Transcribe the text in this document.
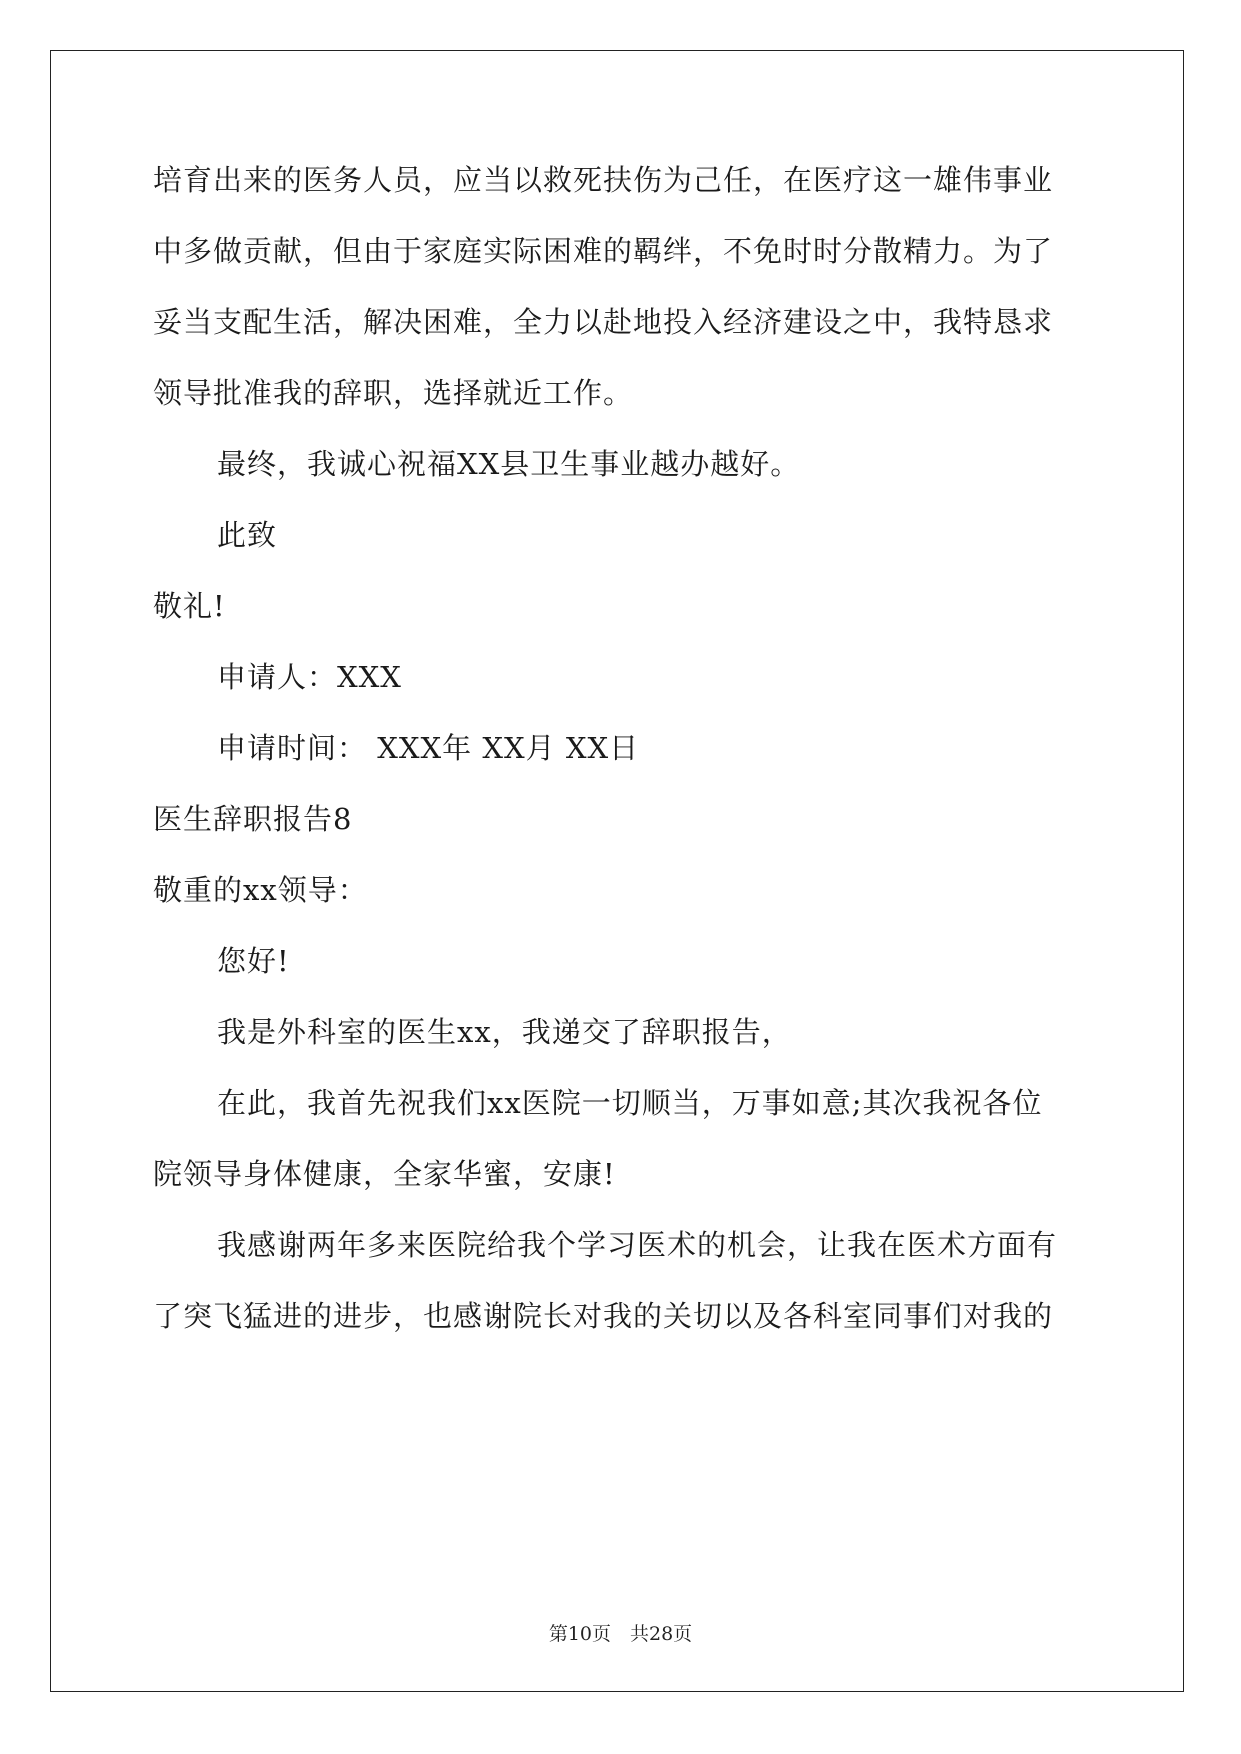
培育出来的医务人员，应当以救死扶伤为己任，在医疗这一雄伟事业
中多做贡献，但由于家庭实际困难的羁绊，不免时时分散精力。为了
妥当支配生活，解决困难，全力以赴地投入经济建设之中，我特恳求
领导批准我的辞职，选择就近工作。
最终，我诚心祝福XX县卫生事业越办越好。
此致
敬礼!
申请人：XXX
申请时间： XXX年 XX月 XX日
医生辞职报告8
敬重的xx领导：
您好!
我是外科室的医生xx，我递交了辞职报告，
在此，我首先祝我们xx医院一切顺当，万事如意;其次我祝各位
院领导身体健康，全家华蜜，安康!
我感谢两年多来医院给我个学习医术的机会，让我在医术方面有
了突飞猛进的进步，也感谢院长对我的关切以及各科室同事们对我的
第10页　共28页
